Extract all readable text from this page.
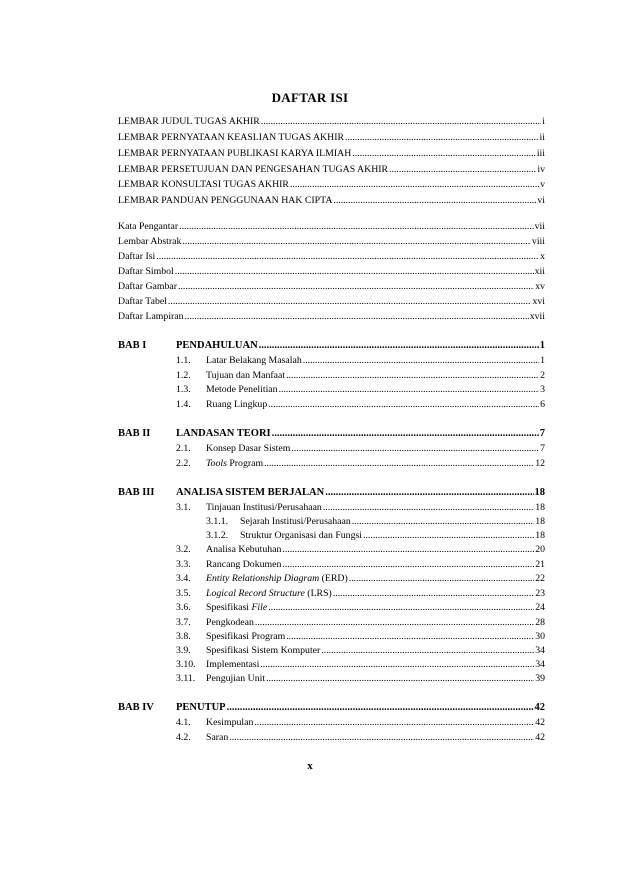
DAFTAR ISI
LEMBAR JUDUL TUGAS AKHIR .....	i
LEMBAR PERNYATAAN KEASLIAN TUGAS AKHIR .....	ii
LEMBAR PERNYATAAN PUBLIKASI KARYA ILMIAH .....	iii
LEMBAR PERSETUJUAN DAN PENGESAHAN TUGAS AKHIR .....	iv
LEMBAR KONSULTASI TUGAS AKHIR .....	v
LEMBAR PANDUAN PENGGUNAAN HAK CIPTA .....	vi
Kata Pengantar .....	vii
Lembar Abstrak .....	viii
Daftar Isi .....	x
Daftar Simbol .....	xii
Daftar Gambar .....	xv
Daftar Tabel .....	xvi
Daftar Lampiran .....	xvii
BAB I	PENDAHULUAN .....	1
1.1.	Latar Belakang Masalah .....	1
1.2.	Tujuan dan Manfaat .....	2
1.3.	Metode Penelitian .....	3
1.4.	Ruang Lingkup .....	6
BAB II	LANDASAN TEORI .....	7
2.1.	Konsep Dasar Sistem .....	7
2.2.	Tools Program .....	12
BAB III	ANALISA SISTEM BERJALAN .....	18
3.1.	Tinjauan Institusi/Perusahaan .....	18
3.1.1.	Sejarah Institusi/Perusahaan .....	18
3.1.2.	Struktur Organisasi dan Fungsi .....	18
3.2.	Analisa Kebutuhan .....	20
3.3.	Rancang Dokumen .....	21
3.4.	Entity Relationship Diagram (ERD) .....	22
3.5.	Logical Record Structure (LRS) .....	23
3.6.	Spesifikasi File .....	24
3.7.	Pengkodean .....	28
3.8.	Spesifikasi Program .....	30
3.9.	Spesifikasi Sistem Komputer .....	34
3.10.	Implementasi .....	34
3.11.	Pengujian Unit .....	39
BAB IV	PENUTUP .....	42
4.1.	Kesimpulan .....	42
4.2.	Saran .....	42
x
